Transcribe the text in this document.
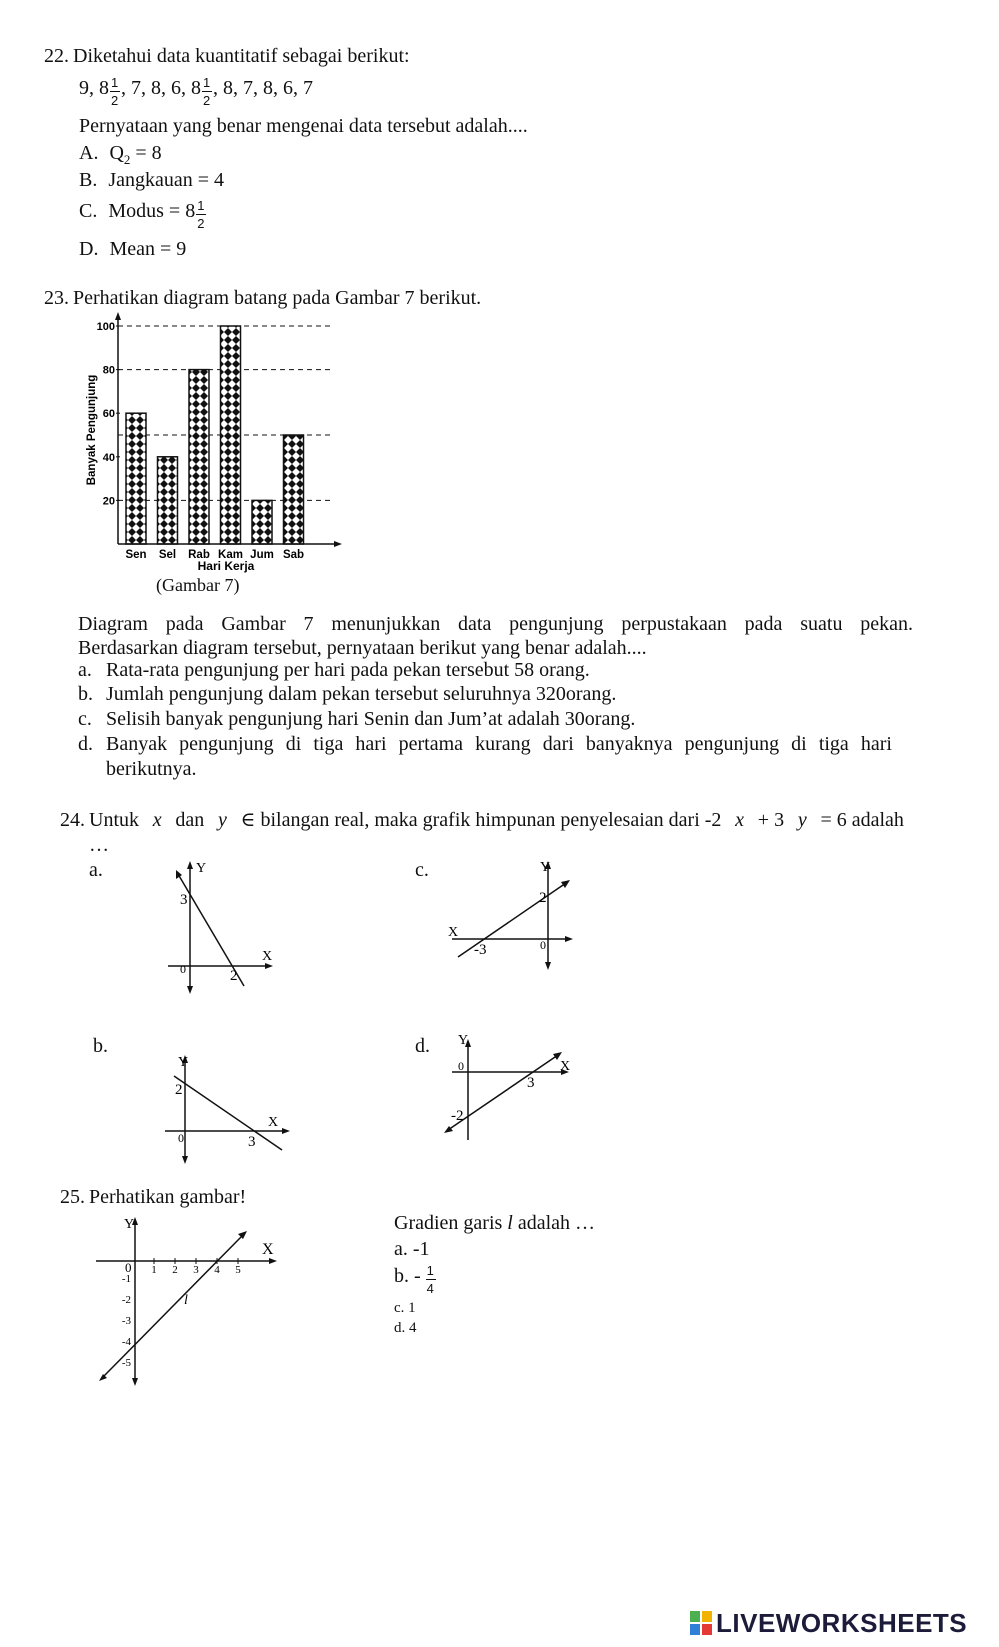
22. Diketahui data kuantitatif sebagai berikut:
9, $8 \frac{1}{2}$ , 7, 8, 6, $8 \frac{1}{2}$ , 8, 7, 8, 6, 7
Pernyataan yang benar mengenai data tersebut adalah....
A. $Q_2 = 8$
B. Jangkauan = 4
C. Modus = $8 \frac{1}{2}$
D. Mean = 9
23. Perhatikan diagram batang pada Gambar 7 berikut.
20
40
60
80
100
Sen Sel Rab Kam Jum Sab
Hari Kerja
Banyak Pengunjung
(Gambar 7)
Diagram pada Gambar 7 menunjukkan data pengunjung perpustakaan pada suatu pekan.
Berdasarkan diagram tersebut, pernyataan berikut yang benar adalah....
a. Rata-rata pengunjung per hari pada pekan tersebut 58 orang.
b. Jumlah pengunjung dalam pekan tersebut seluruhnya 320orang.
c. Selisih banyak pengunjung hari Senin dan Jum’at adalah 30orang.
d. Banyak pengunjung di tiga hari pertama kurang dari banyaknya pengunjung di tiga hari
berikutnya.
24. Untuk x dan y ∈ bilangan real, maka grafik himpunan penyelesaian dari -2 x + 3 y = 6 adalah
…
a.	c.
b.	d.
Y
X
3
0	2
Y
X
2
0
-3
Y
X
2
0	3
Y
X
0
3
-2
25. Perhatikan gambar!
Y
X
0 1 2 3 4 5
-1
-2
-3
-4
-5
l
Gradien garis l adalah …
a. -1
b. - $\frac{1}{4}$
c. 1
d. 4
LIVEWORKSHEETS
